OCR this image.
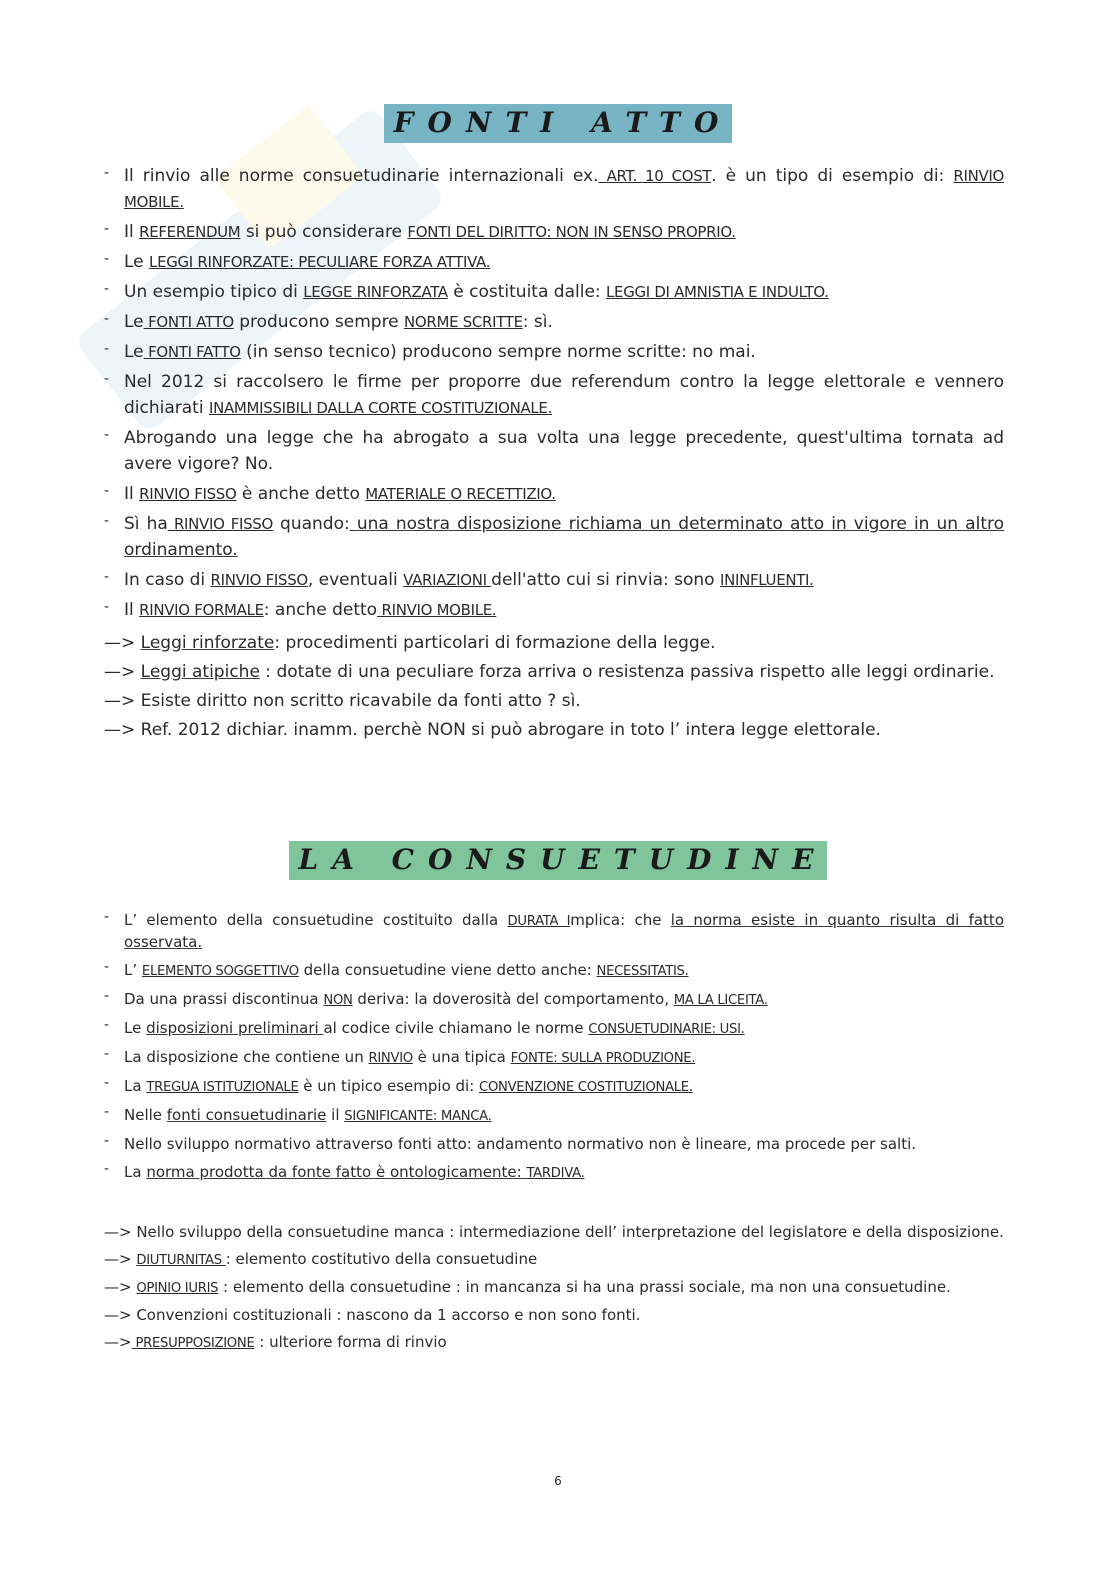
FONTI ATTO
- Il rinvio alle norme consuetudinarie internazionali ex. ART. 10 COST. è un tipo di esempio di: RINVIO MOBILE.
- Il REFERENDUM si può considerare FONTI DEL DIRITTO: NON IN SENSO PROPRIO.
- Le LEGGI RINFORZATE: PECULIARE FORZA ATTIVA.
- Un esempio tipico di LEGGE RINFORZATA è costituita dalle: LEGGI DI AMNISTIA E INDULTO.
- Le FONTI ATTO producono sempre NORME SCRITTE: sì.
- Le FONTI FATTO (in senso tecnico) producono sempre norme scritte: no mai.
- Nel 2012 si raccolsero le firme per proporre due referendum contro la legge elettorale e vennero dichiarati INAMMISSIBILI DALLA CORTE COSTITUZIONALE.
- Abrogando una legge che ha abrogato a sua volta una legge precedente, quest'ultima tornata ad avere vigore? No.
- Il RINVIO FISSO è anche detto MATERIALE O RECETTIZIO.
- Sì ha RINVIO FISSO quando: una nostra disposizione richiama un determinato atto in vigore in un altro ordinamento.
- In caso di RINVIO FISSO, eventuali VARIAZIONI dell'atto cui si rinvia: sono ININFLUENTI.
- Il RINVIO FORMALE: anche detto RINVIO MOBILE.

—> Leggi rinforzate: procedimenti particolari di formazione della legge.

—> Leggi atipiche : dotate di una peculiare forza arriva o resistenza passiva rispetto alle leggi ordinarie.

—> Esiste diritto non scritto ricavabile da fonti atto ? sì.

—> Ref. 2012 dichiar. inamm. perchè NON si può abrogare in toto l’ intera legge elettorale.

LA CONSUETUDINE
- L’ elemento della consuetudine costituito dalla DURATA Implica: che la norma esiste in quanto risulta di fatto osservata.
- L’ ELEMENTO SOGGETTIVO della consuetudine viene detto anche: NECESSITATIS.
- Da una prassi discontinua NON deriva: la doverosità del comportamento, MA LA LICEITA.
- Le disposizioni preliminari al codice civile chiamano le norme CONSUETUDINARIE: USI.
- La disposizione che contiene un RINVIO è una tipica FONTE: SULLA PRODUZIONE.
- La TREGUA ISTITUZIONALE è un tipico esempio di: CONVENZIONE COSTITUZIONALE.
- Nelle fonti consuetudinarie il SIGNIFICANTE: MANCA.
- Nello sviluppo normativo attraverso fonti atto: andamento normativo non è lineare, ma procede per salti.
- La norma prodotta da fonte fatto è ontologicamente: TARDIVA.

—> Nello sviluppo della consuetudine manca : intermediazione dell’ interpretazione del legislatore e della disposizione.

—> DIUTURNITAS : elemento costitutivo della consuetudine

—> OPINIO IURIS : elemento della consuetudine : in mancanza si ha una prassi sociale, ma non una consuetudine.

—> Convenzioni costituzionali : nascono da 1 accorso e non sono fonti.

—> PRESUPPOSIZIONE : ulteriore forma di rinvio

6
